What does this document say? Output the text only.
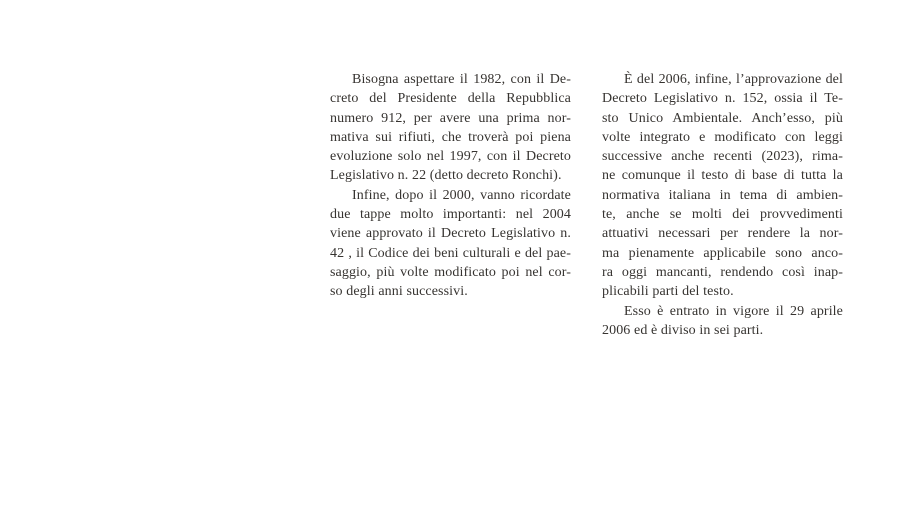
Bisogna aspettare il 1982, con il De-
creto del Presidente della Repubblica
numero 912, per avere una prima nor-
mativa sui rifiuti, che troverà poi piena
evoluzione solo nel 1997, con il Decreto
Legislativo n. 22 (detto decreto Ronchi).
Infine, dopo il 2000, vanno ricordate
due tappe molto importanti: nel 2004
viene approvato il Decreto Legislativo n.
42 , il Codice dei beni culturali e del pae-
saggio, più volte modificato poi nel cor-
so degli anni successivi.
È del 2006, infine, l’approvazione del
Decreto Legislativo n. 152, ossia il Te-
sto Unico Ambientale. Anch’esso, più
volte integrato e modificato con leggi
successive anche recenti (2023), rima-
ne comunque il testo di base di tutta la
normativa italiana in tema di ambien-
te, anche se molti dei provvedimenti
attuativi necessari per rendere la nor-
ma pienamente applicabile sono anco-
ra oggi mancanti, rendendo così inap-
plicabili parti del testo.
Esso è entrato in vigore il 29 aprile
2006 ed è diviso in sei parti.
